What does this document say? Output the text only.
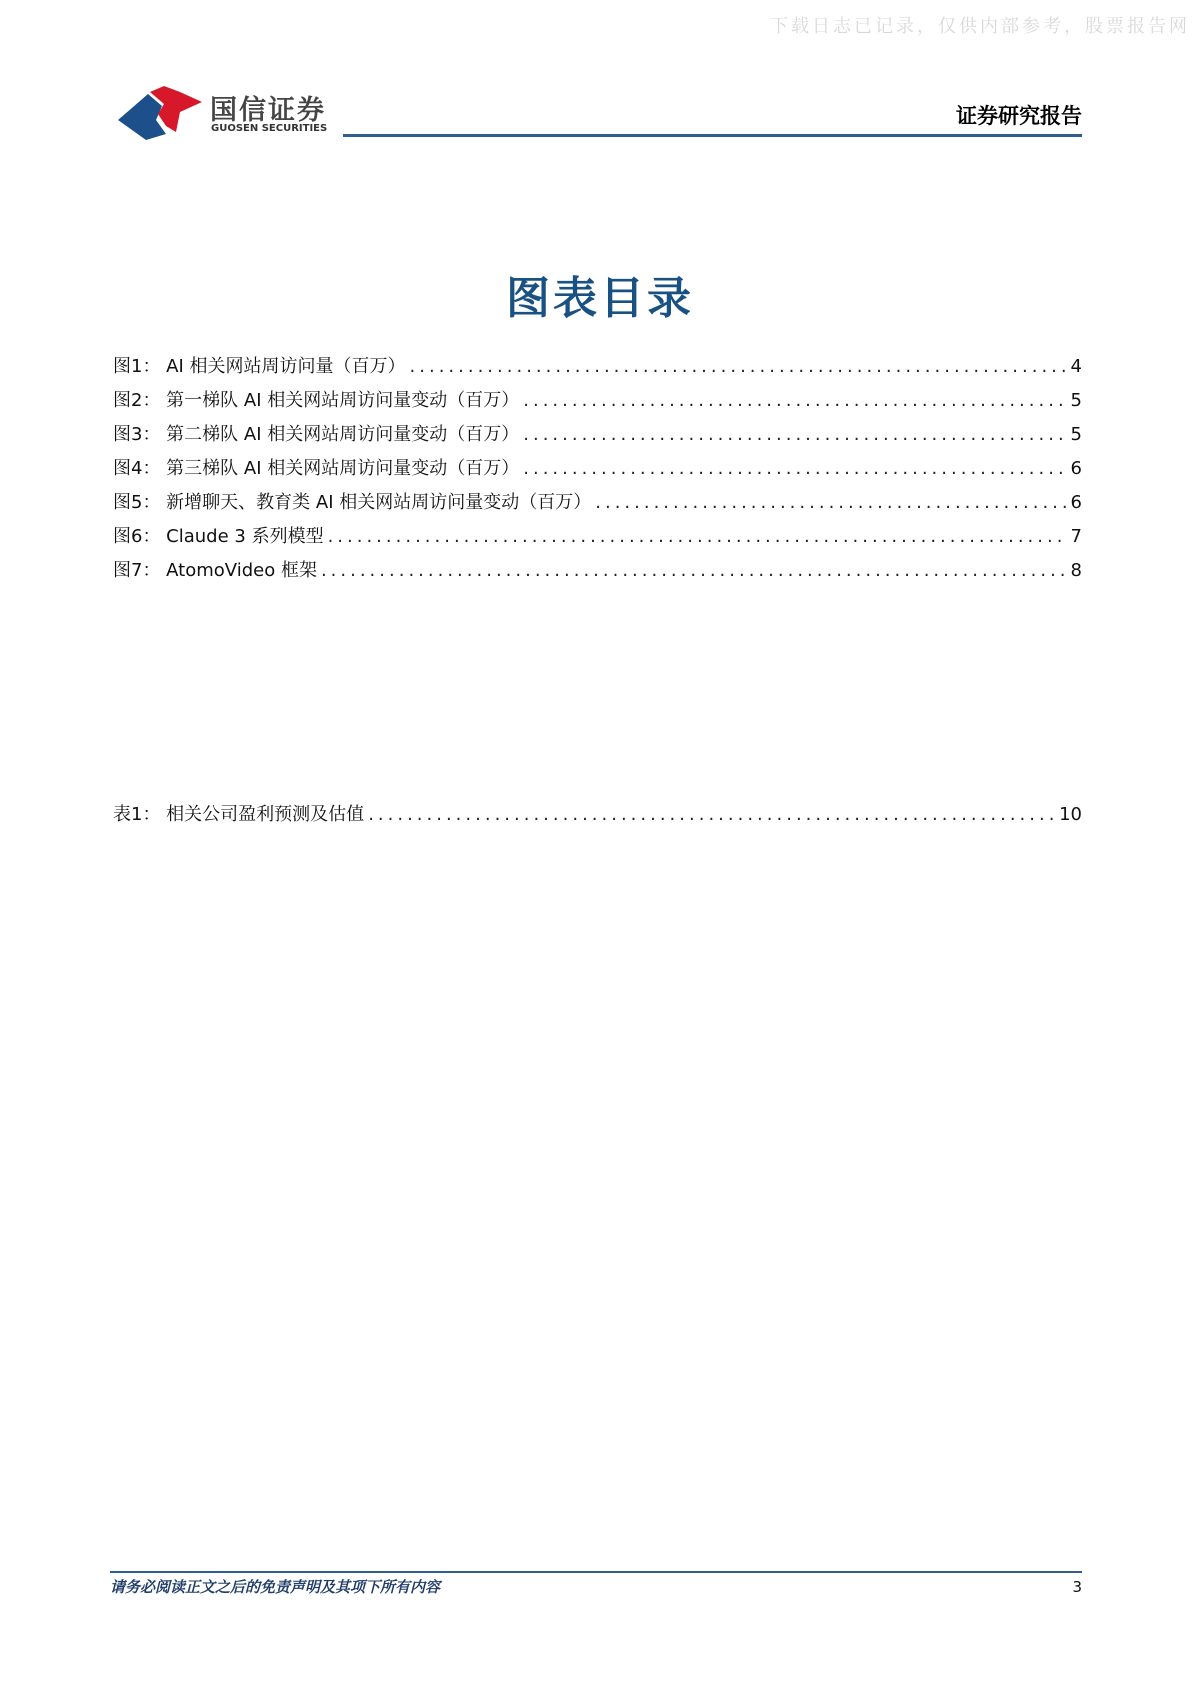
下载日志已记录，仅供内部参考，股票报告网
国信证券
GUOSEN SECURITIES
证券研究报告
图表目录
图1： AI 相关网站周访问量（百万） .....	4
图2： 第一梯队 AI 相关网站周访问量变动（百万） .....	5
图3： 第二梯队 AI 相关网站周访问量变动（百万） .....	5
图4： 第三梯队 AI 相关网站周访问量变动（百万） .....	6
图5： 新增聊天、教育类 AI 相关网站周访问量变动（百万） .....	6
图6： Claude 3 系列模型 .....	7
图7： AtomoVideo 框架 .....	8
表1： 相关公司盈利预测及估值 .....	10
请务必阅读正文之后的免责声明及其项下所有内容	3
